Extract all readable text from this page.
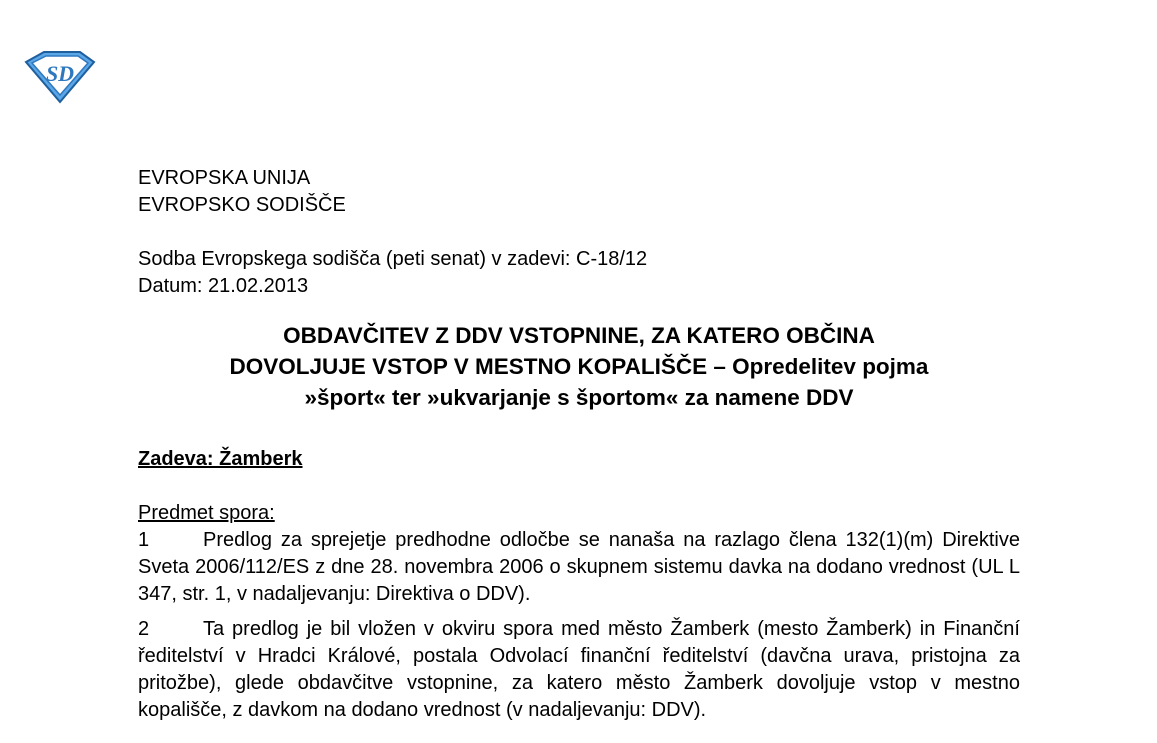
SD
EVROPSKA UNIJA
EVROPSKO SODIŠČE
Sodba Evropskega sodišča (peti senat) v zadevi: C-18/12
Datum: 21.02.2013
OBDAVČITEV Z DDV VSTOPNINE, ZA KATERO OBČINA
DOVOLJUJE VSTOP V MESTNO KOPALIŠČE – Opredelitev pojma
»šport« ter »ukvarjanje s športom« za namene DDV
Zadeva: Žamberk
Predmet spora:

1	Predlog za sprejetje predhodne odločbe se nanaša na razlago člena 132(1)(m) Direktive Sveta 2006/112/ES z dne 28. novembra 2006 o skupnem sistemu davka na dodano vrednost (UL L 347, str. 1, v nadaljevanju: Direktiva o DDV).

2	Ta predlog je bil vložen v okviru spora med město Žamberk (mesto Žamberk) in Finanční ředitelství v Hradci Králové, postala Odvolací finanční ředitelství (davčna urava, pristojna za pritožbe), glede obdavčitve vstopnine, za katero město Žamberk dovoljuje vstop v mestno kopališče, z davkom na dodano vrednost (v nadaljevanju: DDV).
